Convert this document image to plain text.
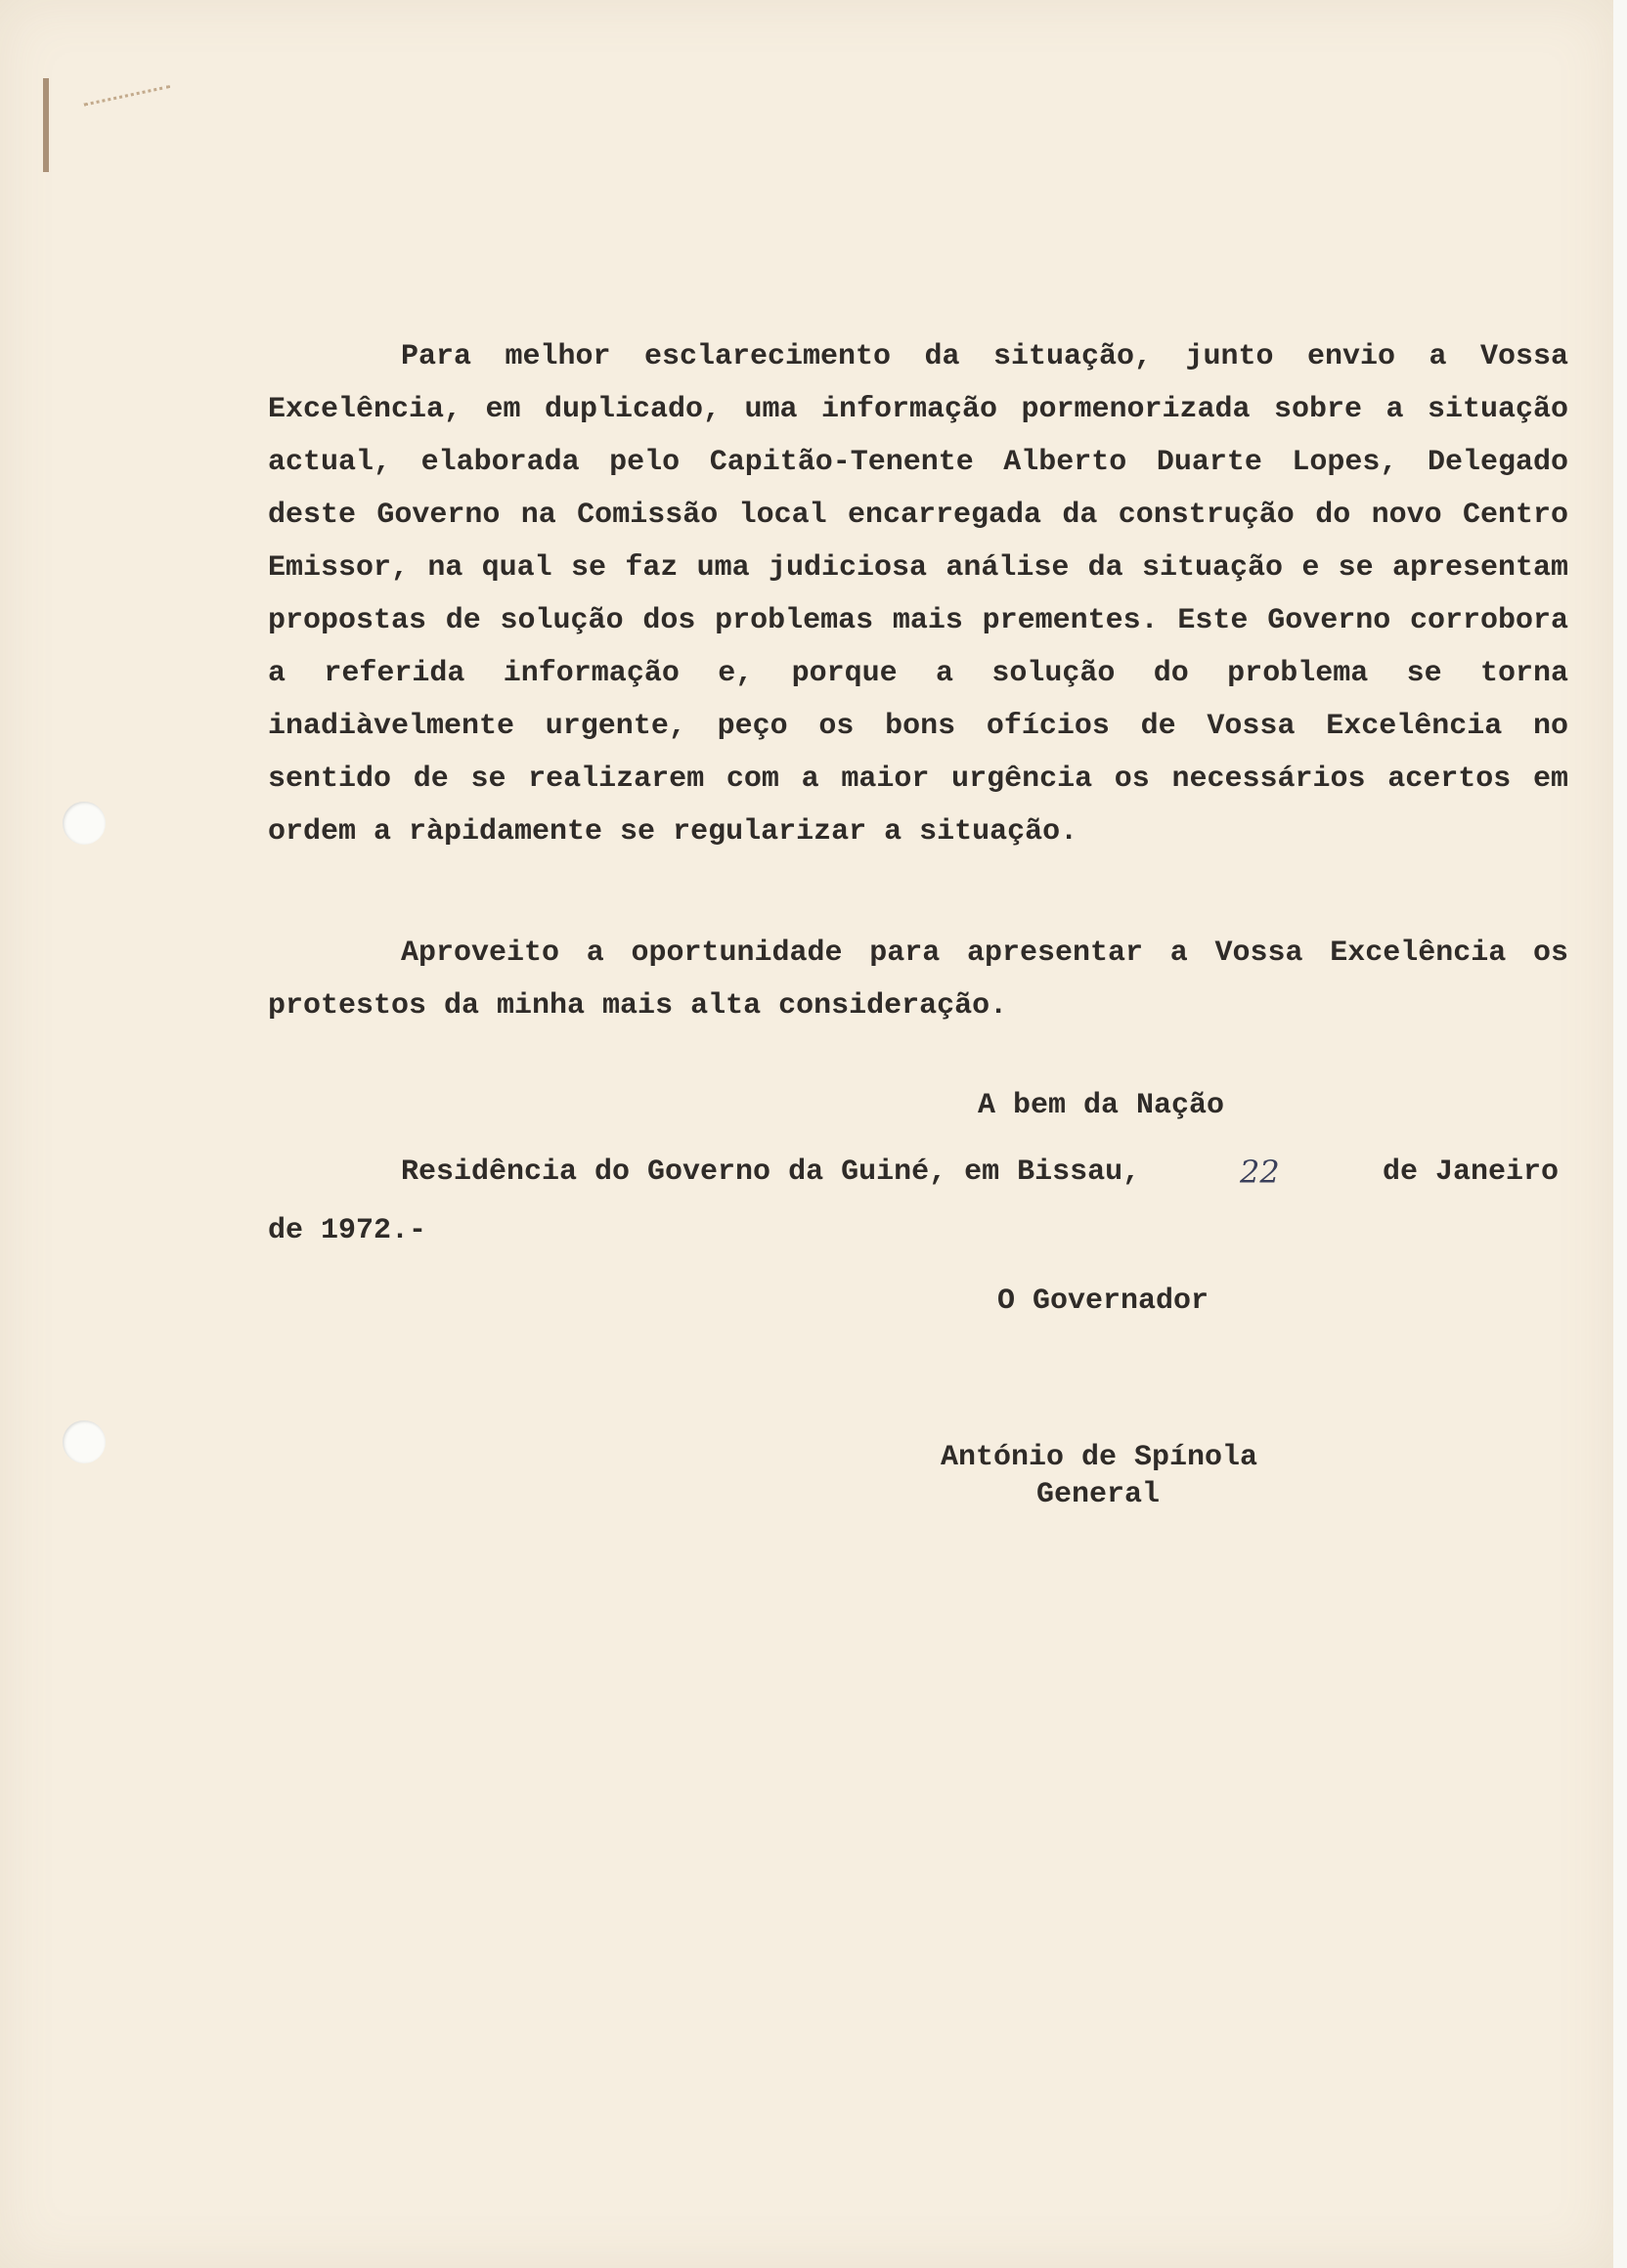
Para melhor esclarecimento da situação, junto envio a Vossa Excelência, em duplicado, uma informação pormenorizada sobre a situação actual, elaborada pelo Capitão-Tenente Alberto Duarte Lopes, Delegado deste Governo na Comissão local encarregada da construção do novo Centro Emissor, na qual se faz uma judiciosa análise da situação e se apresentam propostas de solução dos problemas mais prementes. Este Governo corrobora a referida informação e, porque a solução do problema se torna inadiàvelmente urgente, peço os bons ofícios de Vossa Excelência no sentido de se realizarem com a maior urgência os necessários acertos em ordem a ràpidamente se regularizar a situação.

Aproveito a oportunidade para apresentar a Vossa Excelência os protestos da minha mais alta consideração.

A bem da Nação

Residência do Governo da Guiné, em Bissau,	22	de Janeiro

de 1972.-

O Governador

António de Spínola

General
